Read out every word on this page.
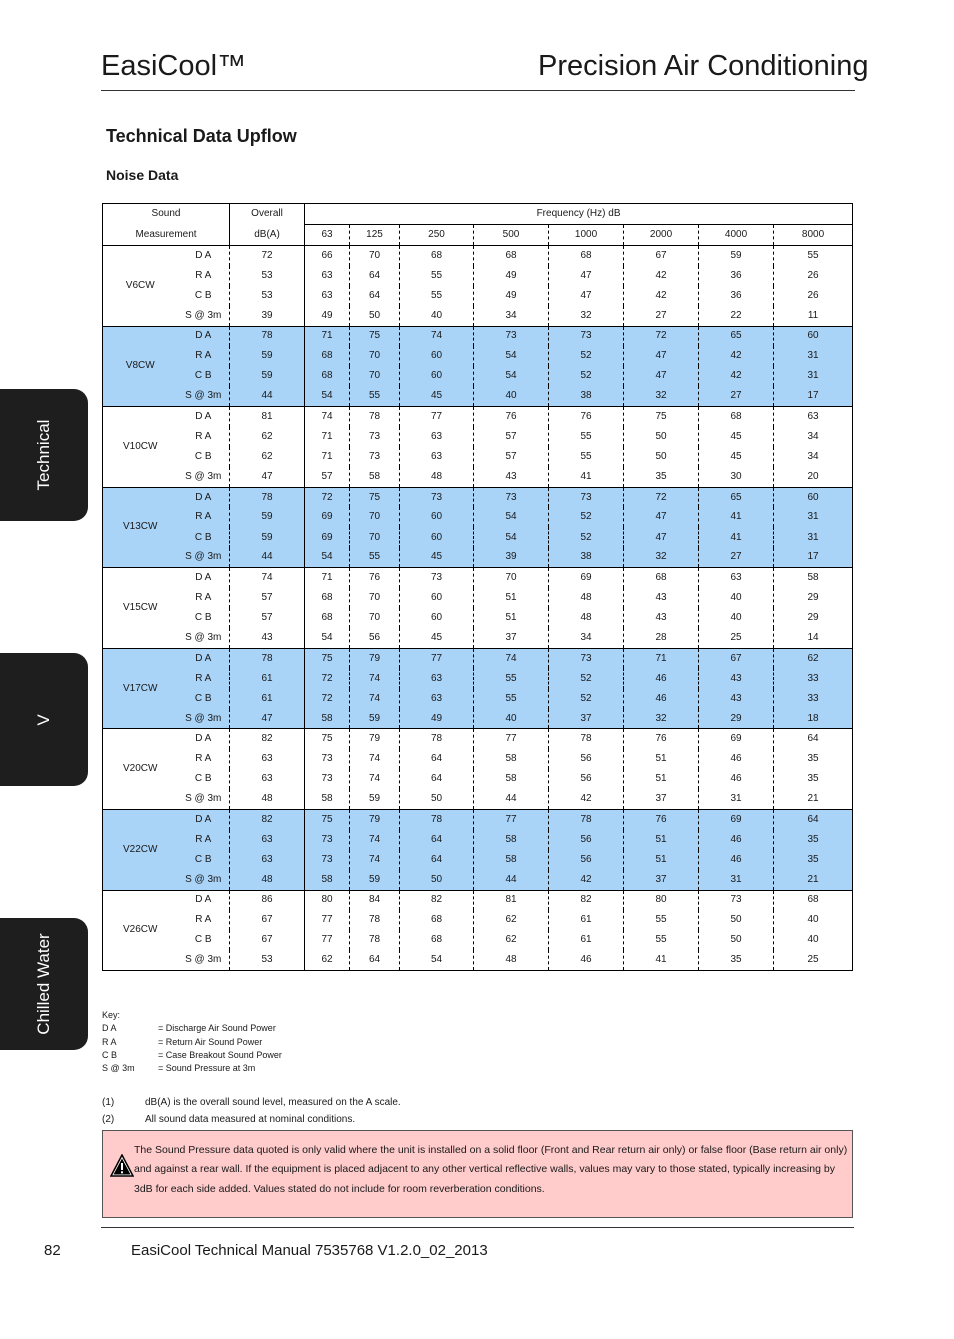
EasiCool™	Precision Air Conditioning
Technical Data Upflow
Noise Data
Technical
V
Chilled Water
Sound		Overall	Frequency (Hz) dB							
Measurement		dB(A)	63	125	250	500	1000	2000	4000	8000
V6CW	D A	72	66	70	68	68	68	67	59	55
	R A	53	63	64	55	49	47	42	36	26
	C B	53	63	64	55	49	47	42	36	26
	S @ 3m	39	49	50	40	34	32	27	22	11
V8CW	D A	78	71	75	74	73	73	72	65	60
	R A	59	68	70	60	54	52	47	42	31
	C B	59	68	70	60	54	52	47	42	31
	S @ 3m	44	54	55	45	40	38	32	27	17
V10CW	D A	81	74	78	77	76	76	75	68	63
	R A	62	71	73	63	57	55	50	45	34
	C B	62	71	73	63	57	55	50	45	34
	S @ 3m	47	57	58	48	43	41	35	30	20
V13CW	D A	78	72	75	73	73	73	72	65	60
	R A	59	69	70	60	54	52	47	41	31
	C B	59	69	70	60	54	52	47	41	31
	S @ 3m	44	54	55	45	39	38	32	27	17
V15CW	D A	74	71	76	73	70	69	68	63	58
	R A	57	68	70	60	51	48	43	40	29
	C B	57	68	70	60	51	48	43	40	29
	S @ 3m	43	54	56	45	37	34	28	25	14
V17CW	D A	78	75	79	77	74	73	71	67	62
	R A	61	72	74	63	55	52	46	43	33
	C B	61	72	74	63	55	52	46	43	33
	S @ 3m	47	58	59	49	40	37	32	29	18
V20CW	D A	82	75	79	78	77	78	76	69	64
	R A	63	73	74	64	58	56	51	46	35
	C B	63	73	74	64	58	56	51	46	35
	S @ 3m	48	58	59	50	44	42	37	31	21
V22CW	D A	82	75	79	78	77	78	76	69	64
	R A	63	73	74	64	58	56	51	46	35
	C B	63	73	74	64	58	56	51	46	35
	S @ 3m	48	58	59	50	44	42	37	31	21
V26CW	D A	86	80	84	82	81	82	80	73	68
	R A	67	77	78	68	62	61	55	50	40
	C B	67	77	78	68	62	61	55	50	40
	S @ 3m	53	62	64	54	48	46	41	35	25
Key:
D A	= Discharge Air Sound Power
R A	= Return Air Sound Power
C B	= Case Breakout Sound Power
S @ 3m	= Sound Pressure at 3m
(1)	dB(A) is the overall sound level, measured on the A scale.
(2)	All sound data measured at nominal conditions.
The Sound Pressure data quoted is only valid where the unit is installed on a solid floor (Front and Rear return air only) or false floor (Base return air only) and against a rear wall. If the equipment is placed adjacent to any other vertical reflective walls, values may vary to those stated, typically increasing by 3dB for each side added. Values stated do not include for room reverberation conditions.
82	EasiCool Technical Manual 7535768 V1.2.0_02_2013
